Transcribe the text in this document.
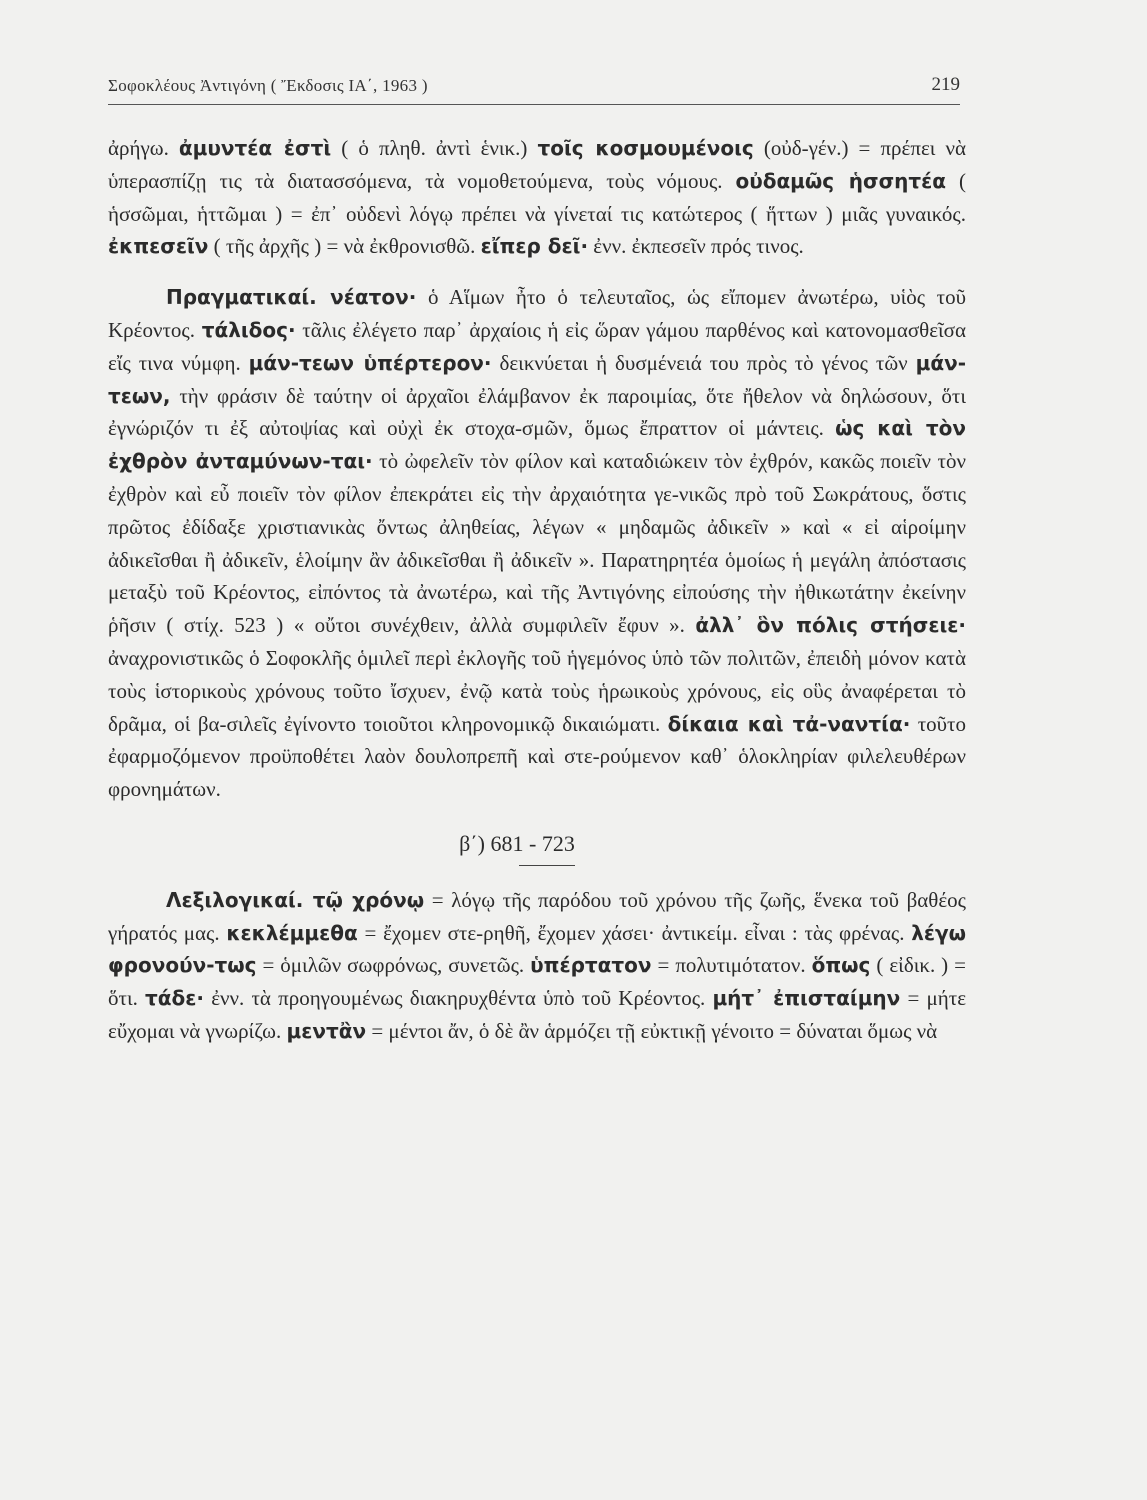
Σοφοκλέους Ἀντιγόνη ( Ἔκδοσις ΙΑ΄, 1963 )	219

ἀρήγω. ἀμυντέα ἐστὶ ( ὁ πληθ. ἀντὶ ἑνικ.) τοῖς κοσμουμένοις (οὐδ-γέν.) = πρέπει νὰ ὑπερασπίζῃ τις τὰ διατασσόμενα, τὰ νομοθετούμενα, τοὺς νόμους. οὐδαμῶς ἡσσητέα ( ἡσσῶμαι, ἡττῶμαι ) = ἐπ᾿ οὐδενὶ λόγῳ πρέπει νὰ γίνεταί τις κατώτερος ( ἥττων ) μιᾶς γυναικός. ἐκπεσεῖν ( τῆς ἀρχῆς ) = νὰ ἐκθρονισθῶ. εἴπερ δεῖ· ἐνν. ἐκπεσεῖν πρός τινος.

Πραγματικαί. νέατον· ὁ Αἵμων ἦτο ὁ τελευταῖος, ὡς εἴπομεν ἀνωτέρω, υἱὸς τοῦ Κρέοντος. τάλιδος· τᾶλις ἐλέγετο παρ᾿ ἀρχαίοις ἡ εἰς ὥραν γάμου παρθένος καὶ κατονομασθεῖσα εἴς τινα νύμφη. μάν-τεων ὑπέρτερον· δεικνύεται ἡ δυσμένειά του πρὸς τὸ γένος τῶν μάν-τεων, τὴν φράσιν δὲ ταύτην οἱ ἀρχαῖοι ἐλάμβανον ἐκ παροιμίας, ὅτε ἤθελον νὰ δηλώσουν, ὅτι ἐγνώριζόν τι ἐξ αὐτοψίας καὶ οὐχὶ ἐκ στοχα-σμῶν, ὅμως ἔπραττον οἱ μάντεις. ὡς καὶ τὸν ἐχθρὸν ἀνταμύνων-ται· τὸ ὠφελεῖν τὸν φίλον καὶ καταδιώκειν τὸν ἐχθρόν, κακῶς ποιεῖν τὸν ἐχθρὸν καὶ εὖ ποιεῖν τὸν φίλον ἐπεκράτει εἰς τὴν ἀρχαιότητα γε-νικῶς πρὸ τοῦ Σωκράτους, ὅστις πρῶτος ἐδίδαξε χριστιανικὰς ὄντως ἀληθείας, λέγων « μηδαμῶς ἀδικεῖν » καὶ « εἰ αἱροίμην ἀδικεῖσθαι ἢ ἀδικεῖν, ἑλοίμην ἂν ἀδικεῖσθαι ἢ ἀδικεῖν ». Παρατηρητέα ὁμοίως ἡ μεγάλη ἀπόστασις μεταξὺ τοῦ Κρέοντος, εἰπόντος τὰ ἀνωτέρω, καὶ τῆς Ἀντιγόνης εἰπούσης τὴν ἠθικωτάτην ἐκείνην ῥῆσιν ( στίχ. 523 ) « οὔτοι συνέχθειν, ἀλλὰ συμφιλεῖν ἔφυν ». ἀλλ᾿ ὃν πόλις στήσειε· ἀναχρονιστικῶς ὁ Σοφοκλῆς ὁμιλεῖ περὶ ἐκλογῆς τοῦ ἡγεμόνος ὑπὸ τῶν πολιτῶν, ἐπειδὴ μόνον κατὰ τοὺς ἱστορικοὺς χρόνους τοῦτο ἴσχυεν, ἐνῷ κατὰ τοὺς ἡρωικοὺς χρόνους, εἰς οὓς ἀναφέρεται τὸ δρᾶμα, οἱ βα-σιλεῖς ἐγίνοντο τοιοῦτοι κληρονομικῷ δικαιώματι. δίκαια καὶ τἀ-ναντία· τοῦτο ἐφαρμοζόμενον προϋποθέτει λαὸν δουλοπρεπῆ καὶ στε-ρούμενον καθ᾿ ὁλοκληρίαν φιλελευθέρων φρονημάτων.

β΄) 681 - 723

Λεξιλογικαί. τῷ χρόνῳ = λόγῳ τῆς παρόδου τοῦ χρόνου τῆς ζωῆς, ἕνεκα τοῦ βαθέος γήρατός μας. κεκλέμμεθα = ἔχομεν στε-ρηθῆ, ἔχομεν χάσει· ἀντικείμ. εἶναι : τὰς φρένας. λέγω φρονούν-τως = ὁμιλῶν σωφρόνως, συνετῶς. ὑπέρτατον = πολυτιμότατον. ὅπως ( εἰδικ. ) = ὅτι. τάδε· ἐνν. τὰ προηγουμένως διακηρυχθέντα ὑπὸ τοῦ Κρέοντος. μήτ᾿ ἐπισταίμην = μήτε εὔχομαι νὰ γνωρίζω. μεντἂν = μέντοι ἄν, ὁ δὲ ἂν ἁρμόζει τῇ εὐκτικῇ γένοιτο = δύναται ὅμως νὰ
